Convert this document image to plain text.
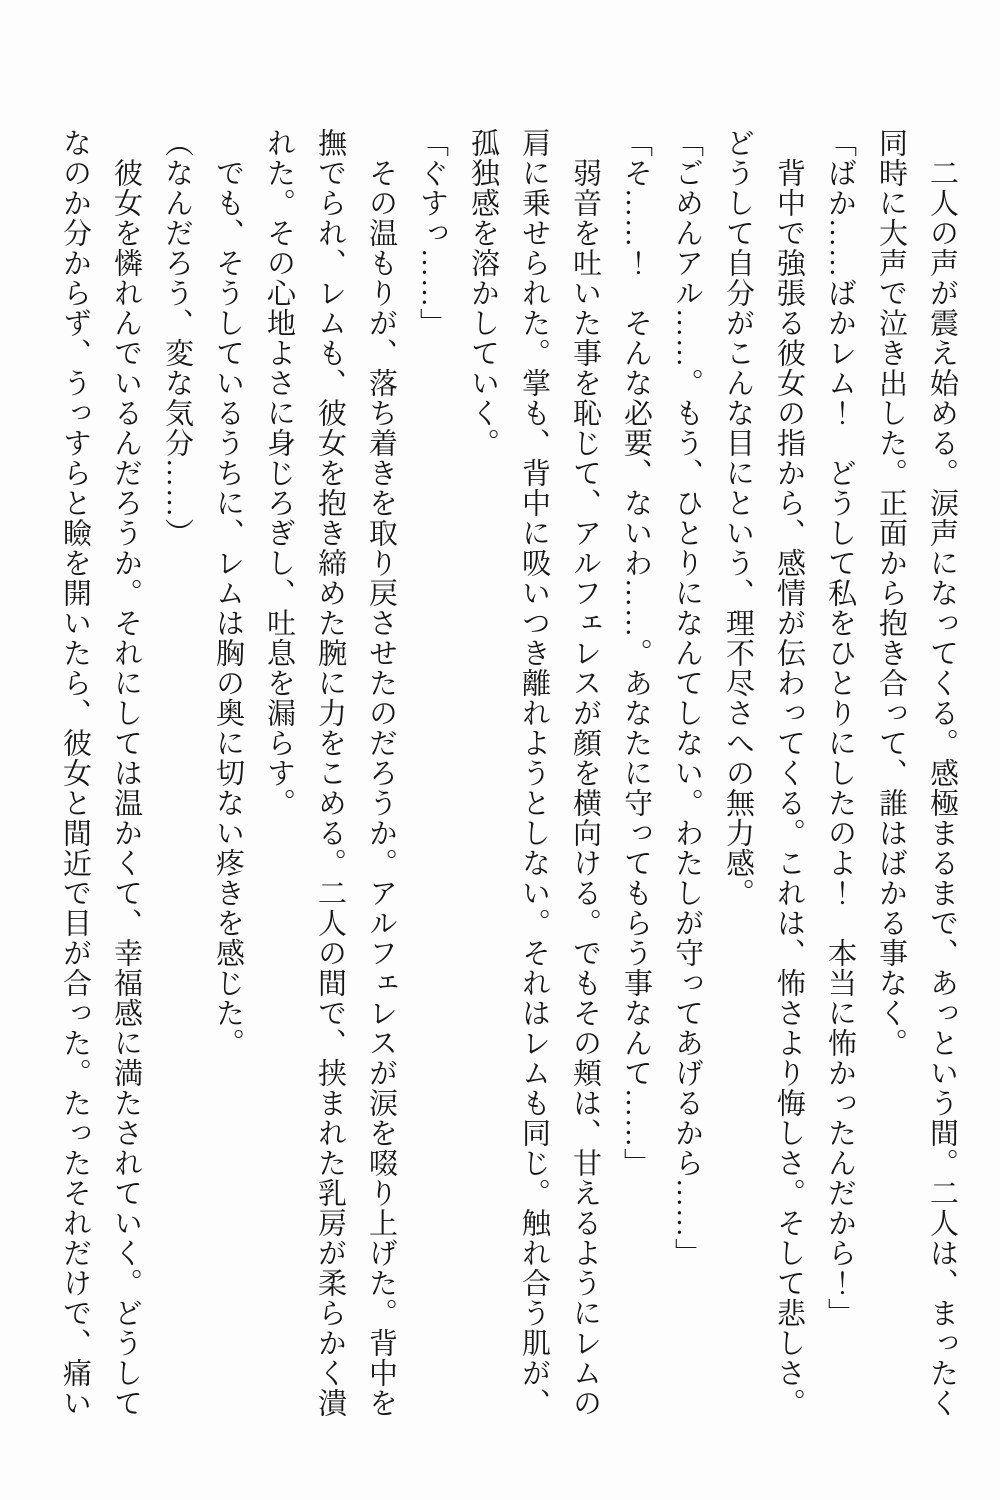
二人の声が震え始める。涙声になってくる。感極まるまで、あっという間。二人は、まったく
同時に大声で泣き出した。正面から抱き合って、誰はばかる事なく。
「ばか……ばかレム！　どうして私をひとりにしたのよ！　本当に怖かったんだから！」
背中で強張る彼女の指から、感情が伝わってくる。これは、怖さより悔しさ。そして悲しさ。
どうして自分がこんな目にという、理不尽さへの無力感。
「ごめんアル……。もう、ひとりになんてしない。わたしが守ってあげるから……」
「そ……！　そんな必要、ないわ……。あなたに守ってもらう事なんて……」
弱音を吐いた事を恥じて、アルフェレスが顔を横向ける。でもその頬は、甘えるようにレムの
肩に乗せられた。掌も、背中に吸いつき離れようとしない。それはレムも同じ。触れ合う肌が、
孤独感を溶かしていく。
「ぐすっ……」
その温もりが、落ち着きを取り戻させたのだろうか。アルフェレスが涙を啜り上げた。背中を
撫でられ、レムも、彼女を抱き締めた腕に力をこめる。二人の間で、挟まれた乳房が柔らかく潰
れた。その心地よさに身じろぎし、吐息を漏らす。
でも、そうしているうちに、レムは胸の奥に切ない疼きを感じた。
（なんだろう、変な気分……）
彼女を憐れんでいるんだろうか。それにしては温かくて、幸福感に満たされていく。どうして
なのか分からず、うっすらと瞼を開いたら、彼女と間近で目が合った。たったそれだけで、痛い
